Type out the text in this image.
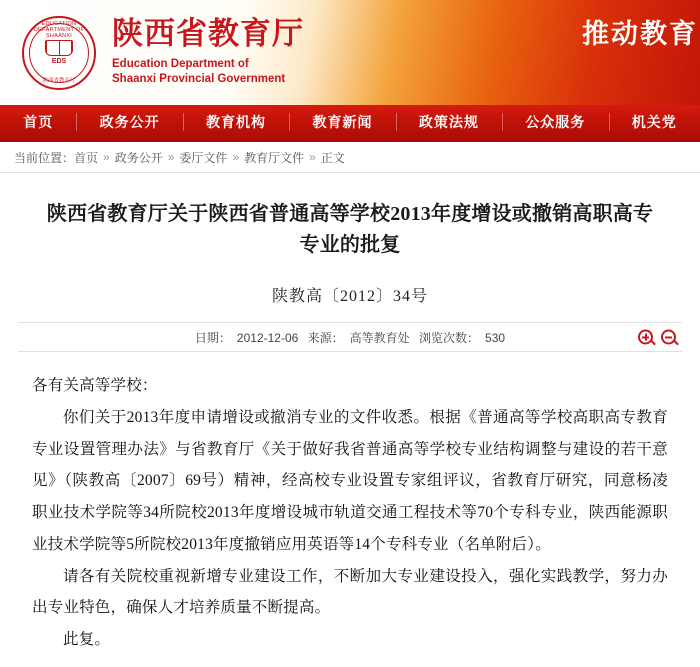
EDUCATION DEPARTMENT OF SHAANXI
EDS
陕西省教育厅
陕西省教育厅
Education Department of
Shaanxi Provincial Government
推动教育
首页	政务公开	教育机构	教育新闻	政策法规	公众服务	机关党
当前位置： 首页 » 政务公开 » 委厅文件 » 教育厅文件 » 正文
陕西省教育厅关于陕西省普通高等学校2013年度增设或撤销高职高专专业的批复
陕教高〔2012〕34号
日期： 2012-12-06 来源： 高等教育处 浏览次数： 530

各有关高等学校：

你们关于2013年度申请增设或撤消专业的文件收悉。根据《普通高等学校高职高专教育专业设置管理办法》与省教育厅《关于做好我省普通高等学校专业结构调整与建设的若干意见》（陕教高〔2007〕69号）精神，经高校专业设置专家组评议，省教育厅研究，同意杨凌职业技术学院等34所院校2013年度增设城市轨道交通工程技术等70个专科专业，陕西能源职业技术学院等5所院校2013年度撤销应用英语等14个专科专业（名单附后）。

请各有关院校重视新增专业建设工作，不断加大专业建设投入，强化实践教学，努力办出专业特色，确保人才培养质量不断提高。

此复。
